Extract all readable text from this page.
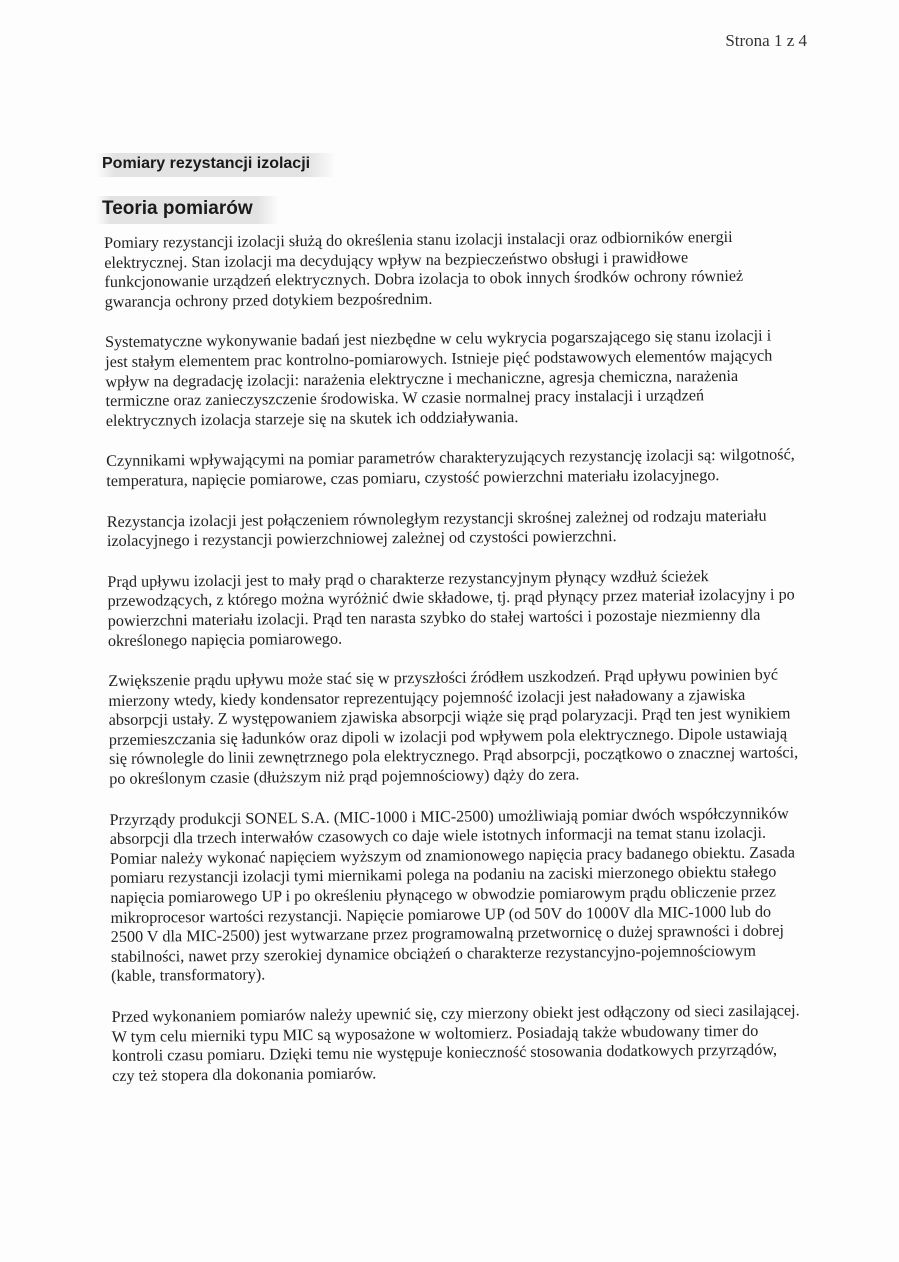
Strona 1 z 4
Pomiary rezystancji izolacji
Teoria pomiarów

Pomiary rezystancji izolacji służą do określenia stanu izolacji instalacji oraz odbiorników energii elektrycznej. Stan izolacji ma decydujący wpływ na bezpieczeństwo obsługi i prawidłowe funkcjonowanie urządzeń elektrycznych. Dobra izolacja to obok innych środków ochrony również gwarancja ochrony przed dotykiem bezpośrednim.

Systematyczne wykonywanie badań jest niezbędne w celu wykrycia pogarszającego się stanu izolacji i jest stałym elementem prac kontrolno-pomiarowych. Istnieje pięć podstawowych elementów mających wpływ na degradację izolacji: narażenia elektryczne i mechaniczne, agresja chemiczna, narażenia termiczne oraz zanieczyszczenie środowiska. W czasie normalnej pracy instalacji i urządzeń elektrycznych izolacja starzeje się na skutek ich oddziaływania.

Czynnikami wpływającymi na pomiar parametrów charakteryzujących rezystancję izolacji są: wilgotność, temperatura, napięcie pomiarowe, czas pomiaru, czystość powierzchni materiału izolacyjnego.

Rezystancja izolacji jest połączeniem równoległym rezystancji skrośnej zależnej od rodzaju materiału izolacyjnego i rezystancji powierzchniowej zależnej od czystości powierzchni.

Prąd upływu izolacji jest to mały prąd o charakterze rezystancyjnym płynący wzdłuż ścieżek przewodzących, z którego można wyróżnić dwie składowe, tj. prąd płynący przez materiał izolacyjny i po powierzchni materiału izolacji. Prąd ten narasta szybko do stałej wartości i pozostaje niezmienny dla określonego napięcia pomiarowego.

Zwiększenie prądu upływu może stać się w przyszłości źródłem uszkodzeń. Prąd upływu powinien być mierzony wtedy, kiedy kondensator reprezentujący pojemność izolacji jest naładowany a zjawiska absorpcji ustały. Z występowaniem zjawiska absorpcji wiąże się prąd polaryzacji. Prąd ten jest wynikiem przemieszczania się ładunków oraz dipoli w izolacji pod wpływem pola elektrycznego. Dipole ustawiają się równolegle do linii zewnętrznego pola elektrycznego. Prąd absorpcji, początkowo o znacznej wartości, po określonym czasie (dłuższym niż prąd pojemnościowy) dąży do zera.

Przyrządy produkcji SONEL S.A. (MIC-1000 i MIC-2500) umożliwiają pomiar dwóch współczynników absorpcji dla trzech interwałów czasowych co daje wiele istotnych informacji na temat stanu izolacji. Pomiar należy wykonać napięciem wyższym od znamionowego napięcia pracy badanego obiektu. Zasada pomiaru rezystancji izolacji tymi miernikami polega na podaniu na zaciski mierzonego obiektu stałego napięcia pomiarowego UP i po określeniu płynącego w obwodzie pomiarowym prądu obliczenie przez mikroprocesor wartości rezystancji. Napięcie pomiarowe UP (od 50V do 1000V dla MIC-1000 lub do 2500 V dla MIC-2500) jest wytwarzane przez programowalną przetwornicę o dużej sprawności i dobrej stabilności, nawet przy szerokiej dynamice obciążeń o charakterze rezystancyjno-pojemnościowym (kable, transformatory).

Przed wykonaniem pomiarów należy upewnić się, czy mierzony obiekt jest odłączony od sieci zasilającej. W tym celu mierniki typu MIC są wyposażone w woltomierz. Posiadają także wbudowany timer do kontroli czasu pomiaru. Dzięki temu nie występuje konieczność stosowania dodatkowych przyrządów, czy też stopera dla dokonania pomiarów.
